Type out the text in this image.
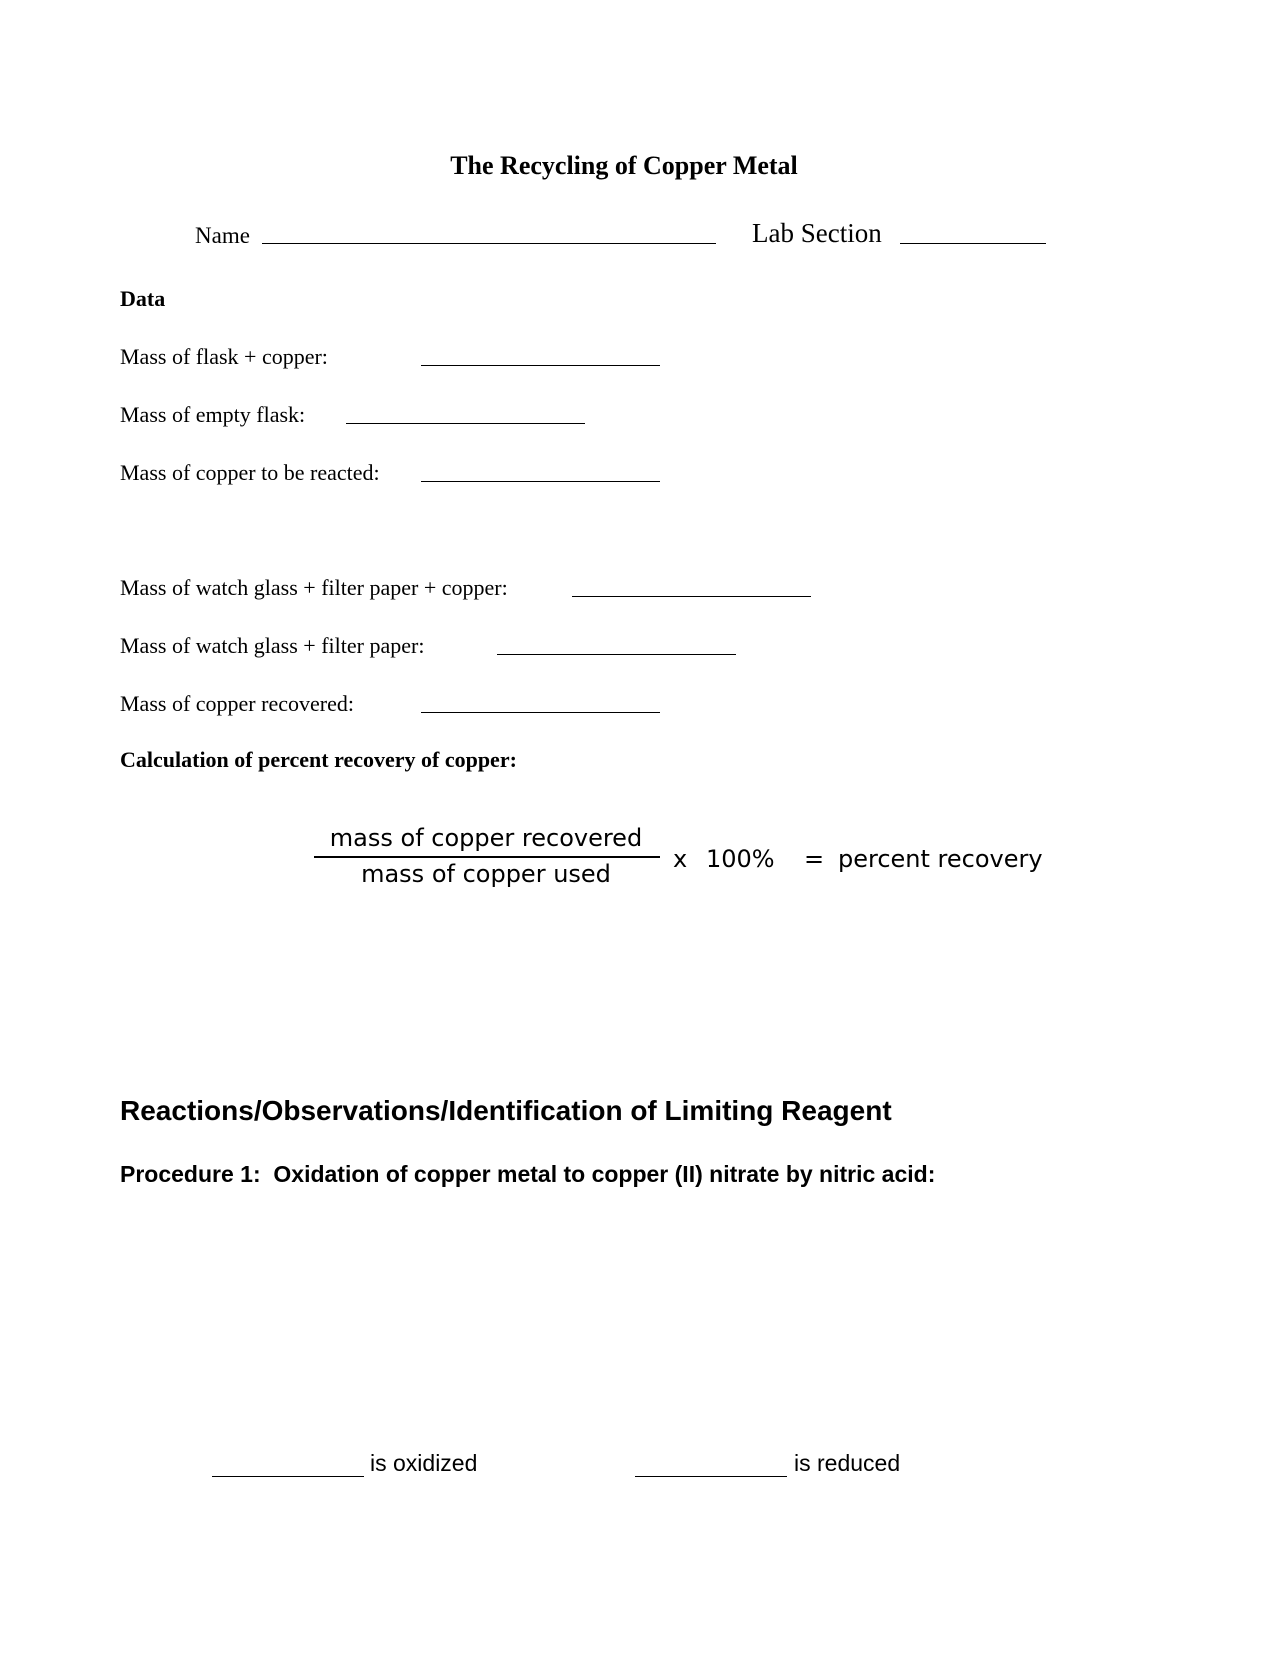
The Recycling of Copper Metal
Name	Lab Section
Data
Mass of flask + copper:
Mass of empty flask:
Mass of copper to be reacted:
Mass of watch glass + filter paper + copper:
Mass of watch glass + filter paper:
Mass of copper recovered:
Calculation of percent recovery of copper:
mass of copper recovered
mass of copper used
x 100% = percent recovery
Reactions/Observations/Identification of Limiting Reagent
Procedure 1:  Oxidation of copper metal to copper (II) nitrate by nitric acid:
is oxidized	is reduced
